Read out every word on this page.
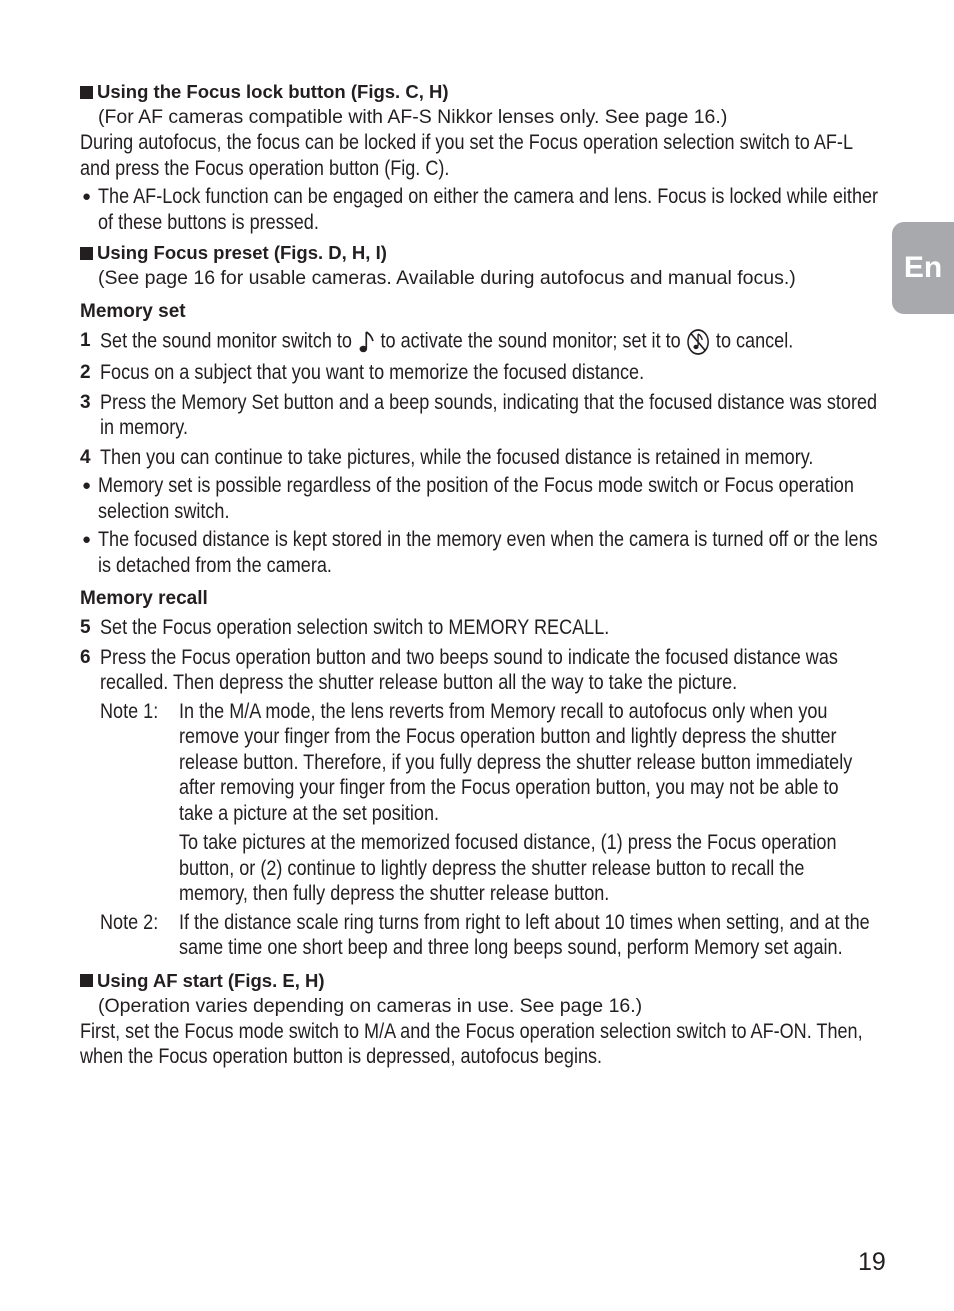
En
Using the Focus lock button (Figs. C, H)
(For AF cameras compatible with AF-S Nikkor lenses only. See page 16.)
During autofocus, the focus can be locked if you set the Focus operation selection switch to AF-L
and press the Focus operation button (Fig. C).
● The AF-Lock function can be engaged on either the camera and lens. Focus is locked while either
of these buttons is pressed.
Using Focus preset (Figs. D, H, I)
(See page 16 for usable cameras. Available during autofocus and manual focus.)
Memory set
1 Set the sound monitor switch to to activate the sound monitor; set it to to cancel.
2 Focus on a subject that you want to memorize the focused distance.
3 Press the Memory Set button and a beep sounds, indicating that the focused distance was stored
in memory.
4 Then you can continue to take pictures, while the focused distance is retained in memory.
● Memory set is possible regardless of the position of the Focus mode switch or Focus operation
selection switch.
● The focused distance is kept stored in the memory even when the camera is turned off or the lens
is detached from the camera.
Memory recall
5 Set the Focus operation selection switch to MEMORY RECALL.
6 Press the Focus operation button and two beeps sound to indicate the focused distance was
recalled. Then depress the shutter release button all the way to take the picture.
Note 1: In the M/A mode, the lens reverts from Memory recall to autofocus only when you
remove your finger from the Focus operation button and lightly depress the shutter
release button. Therefore, if you fully depress the shutter release button immediately
after removing your finger from the Focus operation button, you may not be able to
take a picture at the set position.
To take pictures at the memorized focused distance, (1) press the Focus operation
button, or (2) continue to lightly depress the shutter release button to recall the
memory, then fully depress the shutter release button.
Note 2: If the distance scale ring turns from right to left about 10 times when setting, and at the
same time one short beep and three long beeps sound, perform Memory set again.
Using AF start (Figs. E, H)
(Operation varies depending on cameras in use. See page 16.)
First, set the Focus mode switch to M/A and the Focus operation selection switch to AF-ON. Then,
when the Focus operation button is depressed, autofocus begins.
19
